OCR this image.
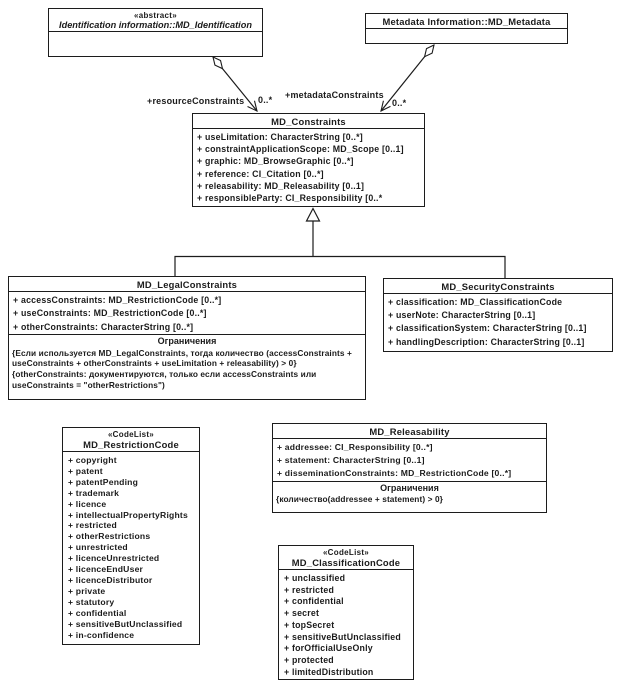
+resourceConstraints 0..* +metadataConstraints
0..*
«abstract»
Identification information::MD_Identification	Metadata Information::MD_Metadata
MD_Constraints
+ useLimitation: CharacterString [0..*]
+ constraintApplicationScope: MD_Scope [0..1]
+ graphic: MD_BrowseGraphic [0..*]
+ reference: CI_Citation [0..*]
+ releasability: MD_Releasability [0..1]
+ responsibleParty: CI_Responsibility [0..*
MD_LegalConstraints
+ accessConstraints: MD_RestrictionCode [0..*]
+ useConstraints: MD_RestrictionCode [0..*]
+ otherConstraints: CharacterString [0..*]
Ограничения
{Если используется MD_LegalConstraints, тогда количество (accessConstraints +
useConstraints + otherConstraints + useLimitation + releasability) > 0}
{otherConstraints: документируются, только если accessConstraints или
useConstraints = "otherRestrictions")
MD_SecurityConstraints
+ classification: MD_ClassificationCode
+ userNote: CharacterString [0..1]
+ classificationSystem: CharacterString [0..1]
+ handlingDescription: CharacterString [0..1]
«CodeList»
MD_RestrictionCode
+ copyright
+ patent
+ patentPending
+ trademark
+ licence
+ intellectualPropertyRights
+ restricted
+ otherRestrictions
+ unrestricted
+ licenceUnrestricted
+ licenceEndUser
+ licenceDistributor
+ private
+ statutory
+ confidential
+ sensitiveButUnclassified
+ in-confidence
MD_Releasability
+ addressee: CI_Responsibility [0..*]
+ statement: CharacterString [0..1]
+ disseminationConstraints: MD_RestrictionCode [0..*]
Ограничения
{количество(addressee + statement) > 0}
«CodeList»
MD_ClassificationCode
+ unclassified
+ restricted
+ confidential
+ secret
+ topSecret
+ sensitiveButUnclassified
+ forOfficialUseOnly
+ protected
+ limitedDistribution
